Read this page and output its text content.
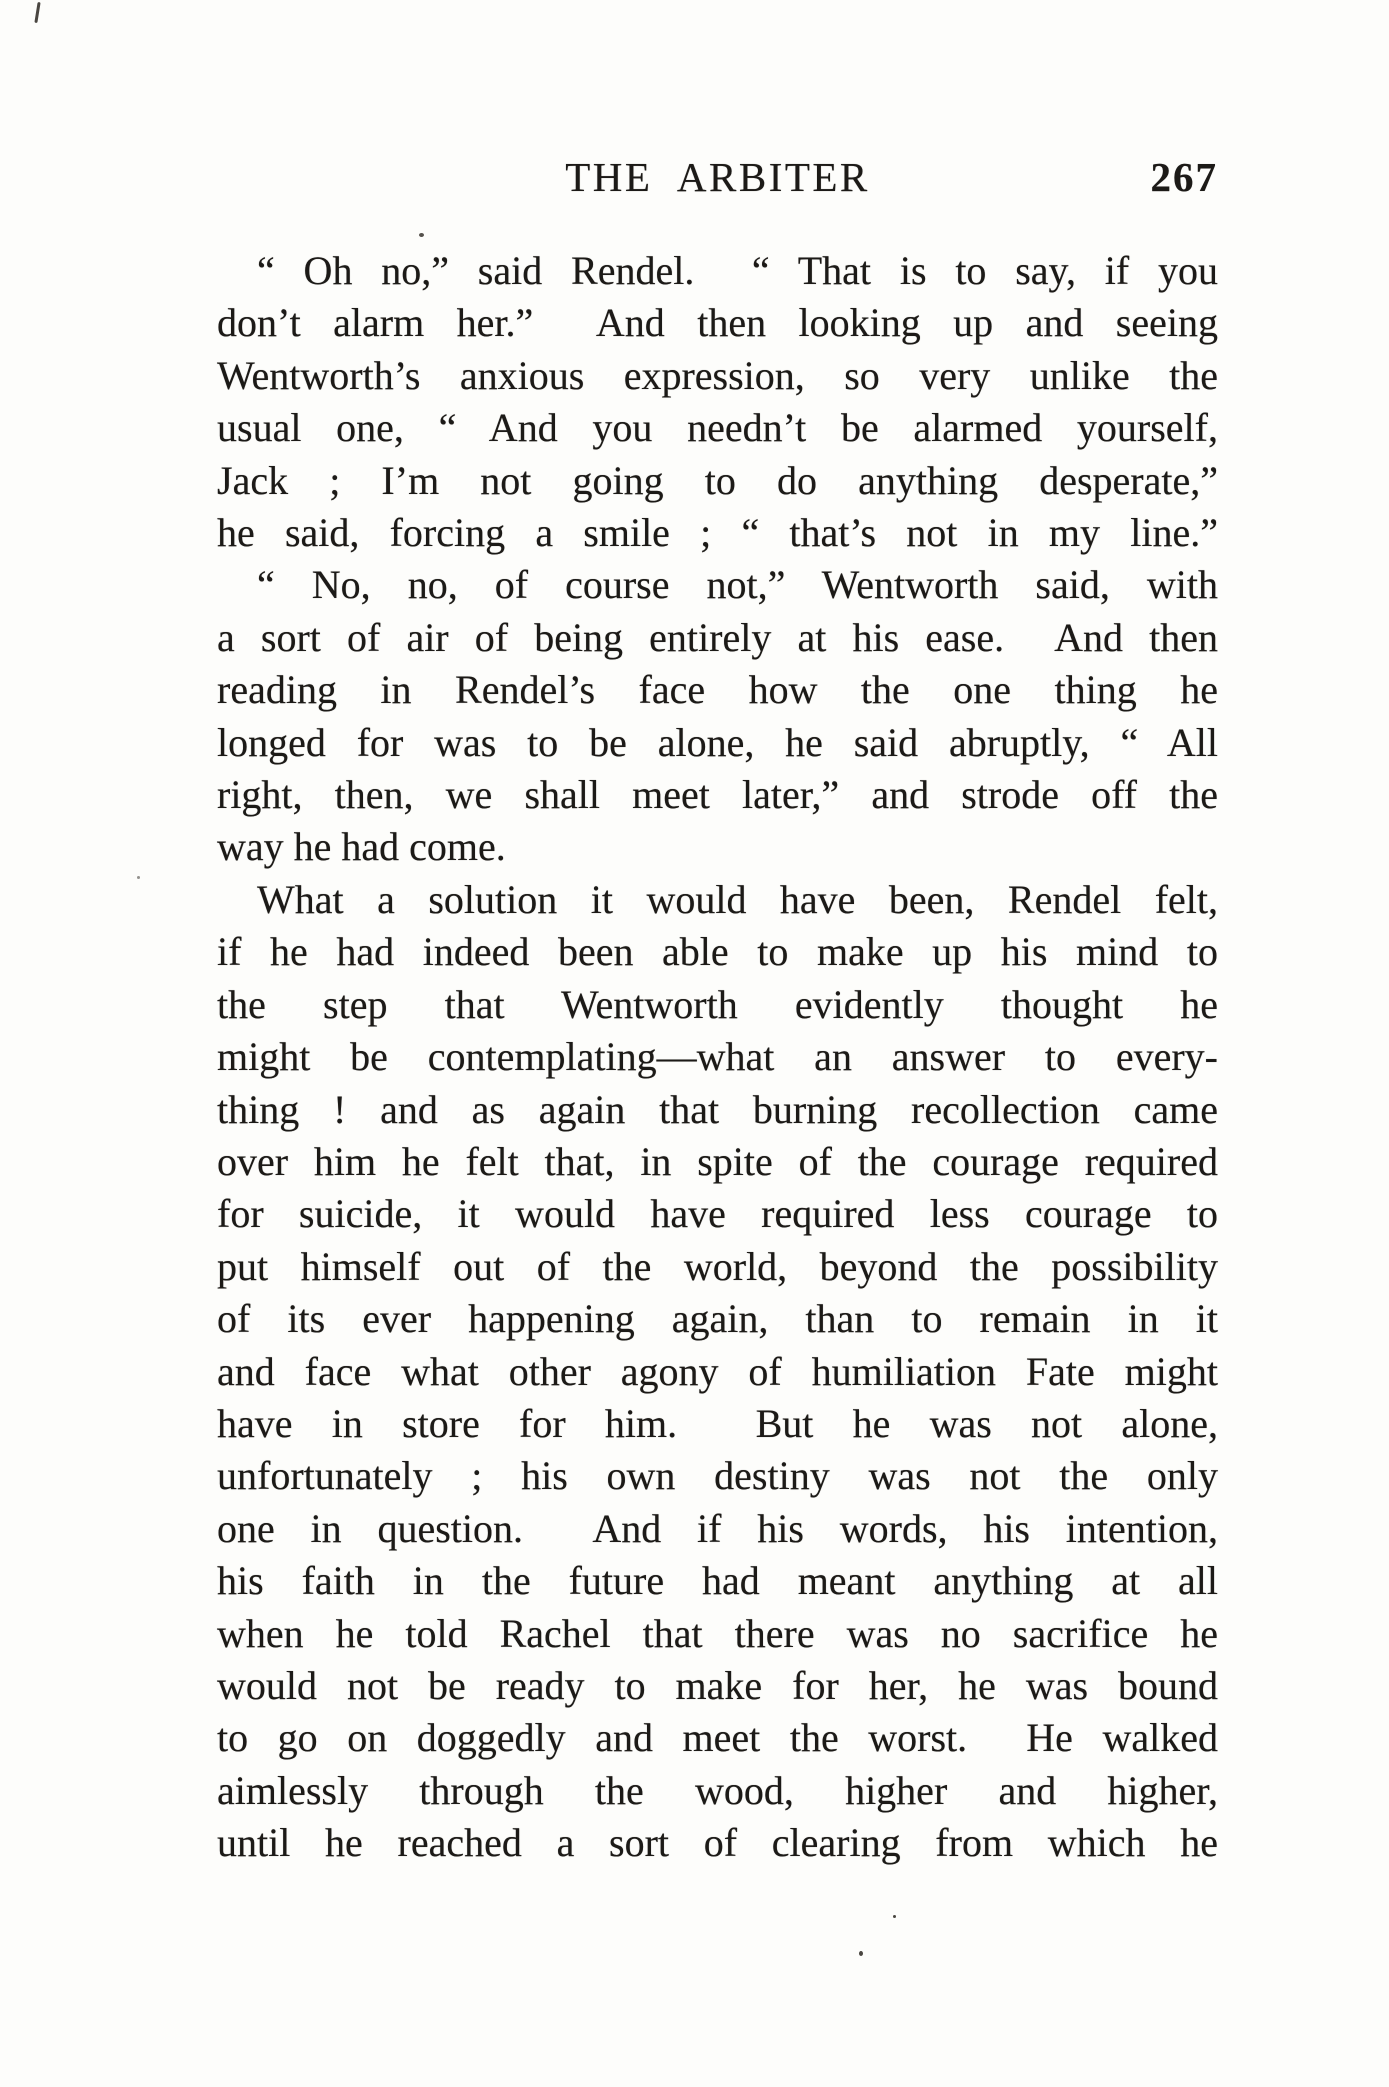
THE ARBITER	267
“ Oh no,” said Rendel.  “ That is to say, if you
don’t alarm her.”  And then looking up and seeing
Wentworth’s anxious expression, so very unlike the
usual one, “ And you needn’t be alarmed yourself,
Jack ; I’m not going to do anything desperate,”
he said, forcing a smile ; “ that’s not in my line.”
“ No, no, of course not,” Wentworth said, with
a sort of air of being entirely at his ease.  And then
reading in Rendel’s face how the one thing he
longed for was to be alone, he said abruptly, “ All
right, then, we shall meet later,” and strode off the
way he had come.
What a solution it would have been, Rendel felt,
if he had indeed been able to make up his mind to
the step that Wentworth evidently thought he
might be contemplating—what an answer to every-
thing ! and as again that burning recollection came
over him he felt that, in spite of the courage required
for suicide, it would have required less courage to
put himself out of the world, beyond the possibility
of its ever happening again, than to remain in it
and face what other agony of humiliation Fate might
have in store for him.  But he was not alone,
unfortunately ; his own destiny was not the only
one in question.  And if his words, his intention,
his faith in the future had meant anything at all
when he told Rachel that there was no sacrifice he
would not be ready to make for her, he was bound
to go on doggedly and meet the worst.  He walked
aimlessly through the wood, higher and higher,
until he reached a sort of clearing from which he
